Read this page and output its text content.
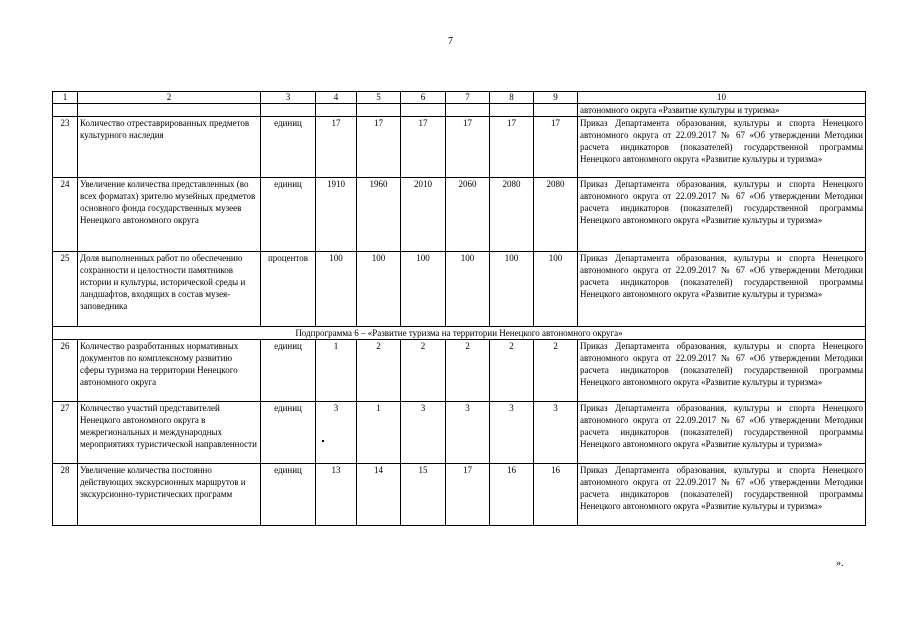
7
1	2	3	4	5	6	7	8	9	10
									автономного округа «Развитие культуры и туризма»
23	Количество отреставрированных предметов культурного наследия	единиц	17	17	17	17	17	17	Приказ Департамента образования, культуры и спорта Ненецкого автономного округа от 22.09.2017 № 67 «Об утверждении Методики расчета индикаторов (показателей) государственной программы Ненецкого автономного округа «Развитие культуры и туризма»
24	Увеличение количества представленных (во всех форматах) зрителю музейных предметов основного фонда государственных музеев Ненецкого автономного округа	единиц	1910	1960	2010	2060	2080	2080	Приказ Департамента образования, культуры и спорта Ненецкого автономного округа от 22.09.2017 № 67 «Об утверждении Методики расчета индикаторов (показателей) государственной программы Ненецкого автономного округа «Развитие культуры и туризма»
25	Доля выполненных работ по обеспечению сохранности и целостности памятников истории и культуры, исторической среды и ландшафтов, входящих в состав музея-заповедника	процентов	100	100	100	100	100	100	Приказ Департамента образования, культуры и спорта Ненецкого автономного округа от 22.09.2017 № 67 «Об утверждении Методики расчета индикаторов (показателей) государственной программы Ненецкого автономного округа «Развитие культуры и туризма»
Подпрограмма 6 – «Развитие туризма на территории Ненецкого автономного округа»									
26	Количество разработанных нормативных документов по комплексному развитию сферы туризма на территории Ненецкого автономного округа	единиц	1	2	2	2	2	2	Приказ Департамента образования, культуры и спорта Ненецкого автономного округа от 22.09.2017 № 67 «Об утверждении Методики расчета индикаторов (показателей) государственной программы Ненецкого автономного округа «Развитие культуры и туризма»
27	Количество участий представителей Ненецкого автономного округа в межрегиональных и международных мероприятиях туристической направленности	единиц	3	1	3	3	3	3	Приказ Департамента образования, культуры и спорта Ненецкого автономного округа от 22.09.2017 № 67 «Об утверждении Методики расчета индикаторов (показателей) государственной программы Ненецкого автономного округа «Развитие культуры и туризма»
28	Увеличение количества постоянно действующих экскурсионных маршрутов и экскурсионно-туристических программ	единиц	13	14	15	17	16	16	Приказ Департамента образования, культуры и спорта Ненецкого автономного округа от 22.09.2017 № 67 «Об утверждении Методики расчета индикаторов (показателей) государственной программы Ненецкого автономного округа «Развитие культуры и туризма»
».
